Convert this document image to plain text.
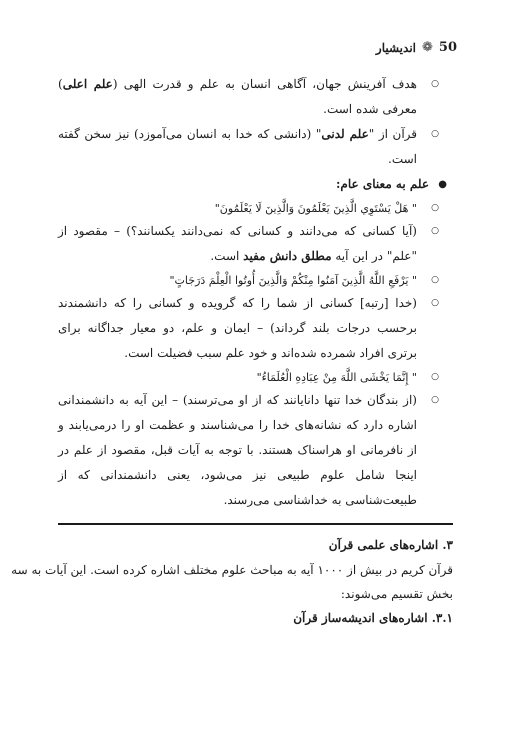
50
❁
اندیشیار
○
هدف آفرینش جهان، آگاهی انسان به علم و قدرت الهی (علم اعلی)
معرفی شده است.
○
قرآن از "علم لدنی" (دانشی که خدا به انسان می‌آموزد) نیز سخن گفته
است.
●
علم به معنای عام:
○
" هَلْ يَسْتَوِي الَّذِينَ يَعْلَمُونَ وَالَّذِينَ لَا يَعْلَمُونَ"
○
(آیا کسانی که می‌دانند و کسانی که نمی‌دانند یکسانند؟) – مقصود از
"علم" در این آیه مطلق دانش مفید است.
○
" يَرْفَعِ اللَّهُ الَّذِينَ آمَنُوا مِنْكُمْ وَالَّذِينَ أُوتُوا الْعِلْمَ دَرَجَاتٍ"
○
(خدا [رتبه] کسانی از شما را که گرویده و کسانی را که دانشمندند
برحسب درجات بلند گرداند) – ایمان و علم، دو معیار جداگانه برای
برتری افراد شمرده شده‌اند و خود علم سبب فضیلت است.
○
" إِنَّمَا يَخْشَى اللَّهَ مِنْ عِبَادِهِ الْعُلَمَاءُ"
○
(از بندگان خدا تنها دانایانند که از او می‌ترسند) – این آیه به دانشمندانی
اشاره دارد که نشانه‌های خدا را می‌شناسند و عظمت او را درمی‌یابند و
از نافرمانی او هراسناک هستند. با توجه به آیات قبل، مقصود از علم در
اینجا شامل علوم طبیعی نیز می‌شود، یعنی دانشمندانی که از
طبیعت‌شناسی به خداشناسی می‌رسند.
۳. اشاره‌های علمی قرآن
قرآن کریم در بیش از ۱۰۰۰ آیه به مباحث علوم مختلف اشاره کرده است. این آیات به سه
بخش تقسیم می‌شوند:
۳.۱. اشاره‌های اندیشه‌ساز قرآن
